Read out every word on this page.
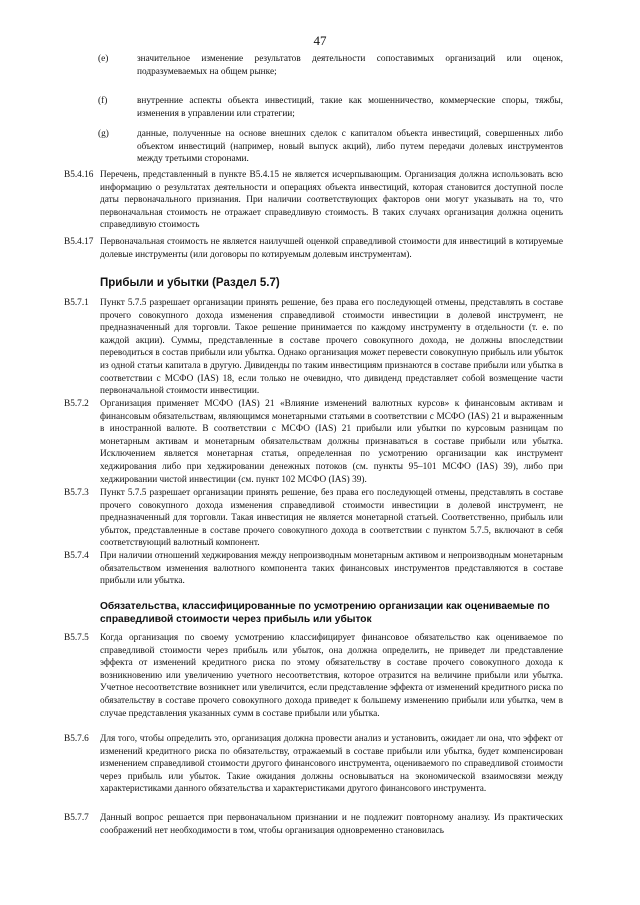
47
(e)	значительное изменение результатов деятельности сопоставимых организаций или оценок, подразумеваемых на общем рынке;
(f)	внутренние аспекты объекта инвестиций, такие как мошенничество, коммерческие споры, тяжбы, изменения в управлении или стратегии;
(g)	данные, полученные на основе внешних сделок с капиталом объекта инвестиций, совершенных либо объектом инвестиций (например, новый выпуск акций), либо путем передачи долевых инструментов между третьими сторонами.
B5.4.16 Перечень, представленный в пункте B5.4.15 не является исчерпывающим. Организация должна использовать всю информацию о результатах деятельности и операциях объекта инвестиций, которая становится доступной после даты первоначального признания. При наличии соответствующих факторов они могут указывать на то, что первоначальная стоимость не отражает справедливую стоимость. В таких случаях организация должна оценить справедливую стоимость
B5.4.17 Первоначальная стоимость не является наилучшей оценкой справедливой стоимости для инвестиций в котируемые долевые инструменты (или договоры по котируемым долевым инструментам).
Прибыли и убытки (Раздел 5.7)
B5.7.1 Пункт 5.7.5 разрешает организации принять решение, без права его последующей отмены, представлять в составе прочего совокупного дохода изменения справедливой стоимости инвестиции в долевой инструмент, не предназначенный для торговли. Такое решение принимается по каждому инструменту в отдельности (т. е. по каждой акции). Суммы, представленные в составе прочего совокупного дохода, не должны впоследствии переводиться в состав прибыли или убытка. Однако организация может перевести совокупную прибыль или убыток из одной статьи капитала в другую. Дивиденды по таким инвестициям признаются в составе прибыли или убытка в соответствии с МСФО (IAS) 18, если только не очевидно, что дивиденд представляет собой возмещение части первоначальной стоимости инвестиции.
B5.7.2 Организация применяет МСФО (IAS) 21 «Влияние изменений валютных курсов» к финансовым активам и финансовым обязательствам, являющимся монетарными статьями в соответствии с МСФО (IAS) 21 и выраженным в иностранной валюте. В соответствии с МСФО (IAS) 21 прибыли или убытки по курсовым разницам по монетарным активам и монетарным обязательствам должны признаваться в составе прибыли или убытка. Исключением является монетарная статья, определенная по усмотрению организации как инструмент хеджирования либо при хеджировании денежных потоков (см. пункты 95–101 МСФО (IAS) 39), либо при хеджировании чистой инвестиции (см. пункт 102 МСФО (IAS) 39).
B5.7.3 Пункт 5.7.5 разрешает организации принять решение, без права его последующей отмены, представлять в составе прочего совокупного дохода изменения справедливой стоимости инвестиции в долевой инструмент, не предназначенный для торговли. Такая инвестиция не является монетарной статьей. Соответственно, прибыль или убыток, представленные в составе прочего совокупного дохода в соответствии с пунктом 5.7.5, включают в себя соответствующий валютный компонент.
B5.7.4 При наличии отношений хеджирования между непроизводным монетарным активом и непроизводным монетарным обязательством изменения валютного компонента таких финансовых инструментов представляются в составе прибыли или убытка.
Обязательства, классифицированные по усмотрению организации как оцениваемые по справедливой стоимости через прибыль или убыток
B5.7.5 Когда организация по своему усмотрению классифицирует финансовое обязательство как оцениваемое по справедливой стоимости через прибыль или убыток, она должна определить, не приведет ли представление эффекта от изменений кредитного риска по этому обязательству в составе прочего совокупного дохода к возникновению или увеличению учетного несоответствия, которое отразится на величине прибыли или убытка. Учетное несоответствие возникнет или увеличится, если представление эффекта от изменений кредитного риска по обязательству в составе прочего совокупного дохода приведет к большему изменению прибыли или убытка, чем в случае представления указанных сумм в составе прибыли или убытка.
B5.7.6 Для того, чтобы определить это, организация должна провести анализ и установить, ожидает ли она, что эффект от изменений кредитного риска по обязательству, отражаемый в составе прибыли или убытка, будет компенсирован изменением справедливой стоимости другого финансового инструмента, оцениваемого по справедливой стоимости через прибыль или убыток. Такие ожидания должны основываться на экономической взаимосвязи между характеристиками данного обязательства и характеристиками другого финансового инструмента.
B5.7.7 Данный вопрос решается при первоначальном признании и не подлежит повторному анализу. Из практических соображений нет необходимости в том, чтобы организация одновременно становилась
